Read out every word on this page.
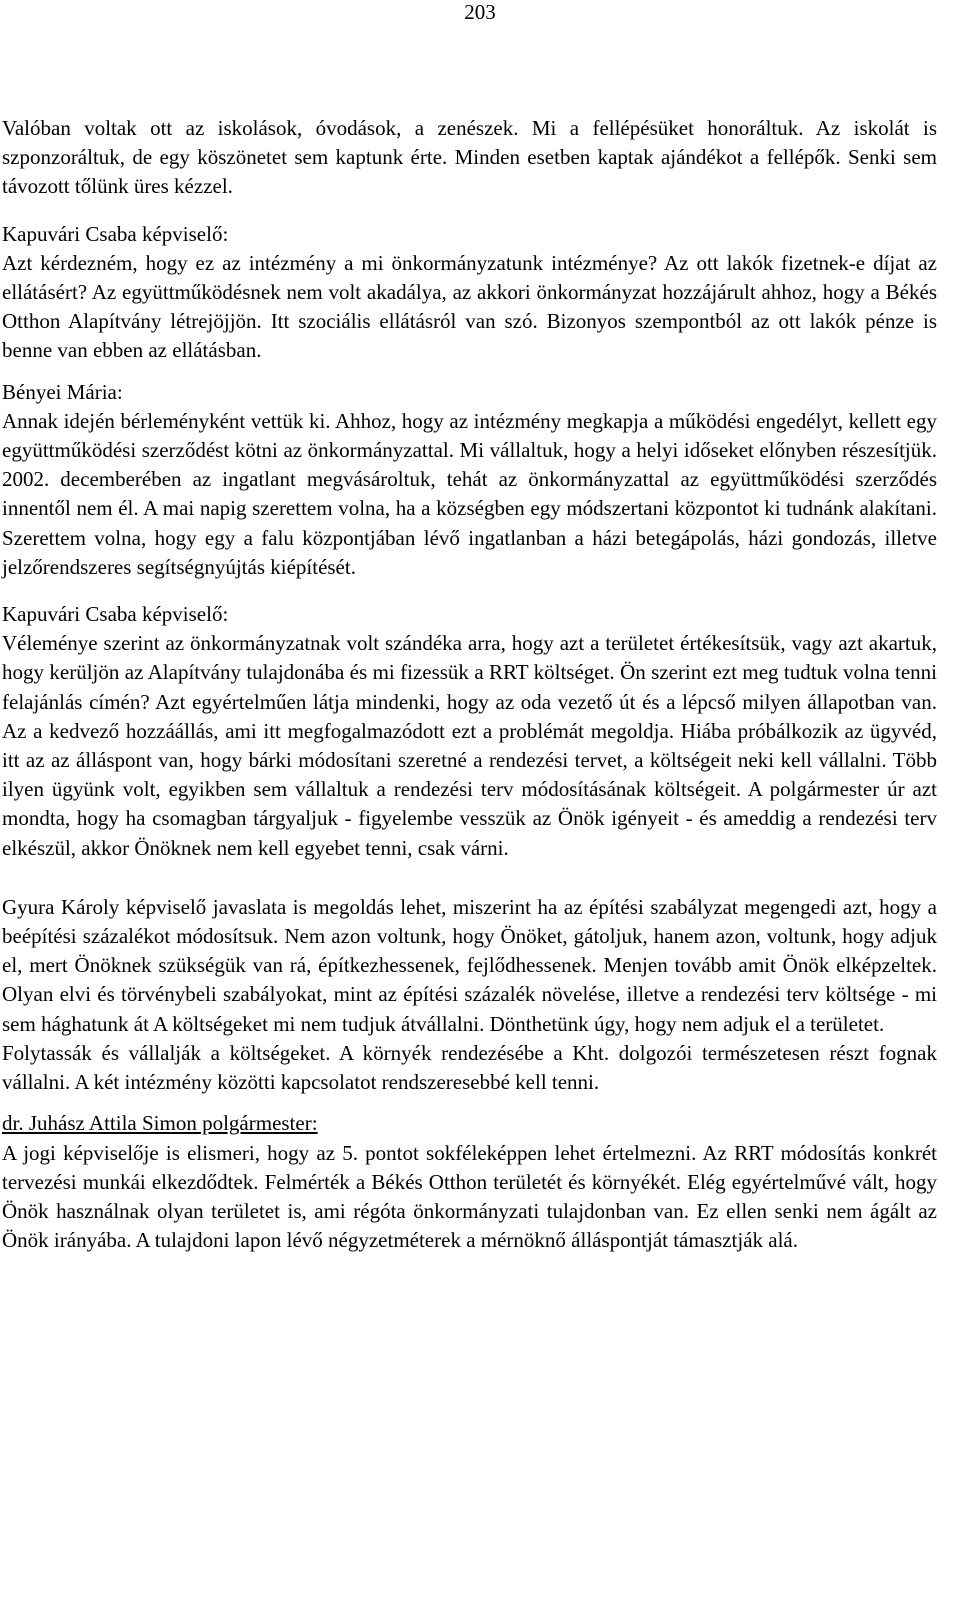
203

Valóban voltak ott az iskolások, óvodások, a zenészek. Mi a fellépésüket honoráltuk. Az iskolát is szponzoráltuk, de egy köszönetet sem kaptunk érte. Minden esetben kaptak ajándékot a fellépők. Senki sem távozott tőlünk üres kézzel.

Kapuvári Csaba képviselő:

Azt kérdezném, hogy ez az intézmény a mi önkormányzatunk intézménye? Az ott lakók fizetnek-e díjat az ellátásért? Az együttműködésnek nem volt akadálya, az akkori önkormányzat hozzájárult ahhoz, hogy a Békés Otthon Alapítvány létrejöjjön. Itt szociális ellátásról van szó. Bizonyos szempontból az ott lakók pénze is benne van ebben az ellátásban.

Bényei Mária:

Annak idején bérleményként vettük ki. Ahhoz, hogy az intézmény megkapja a működési engedélyt, kellett egy együttműködési szerződést kötni az önkormányzattal. Mi vállaltuk, hogy a helyi időseket előnyben részesítjük. 2002. decemberében az ingatlant megvásároltuk, tehát az önkormányzattal az együttműködési szerződés innentől nem él. A mai napig szerettem volna, ha a községben egy módszertani központot ki tudnánk alakítani. Szerettem volna, hogy egy a falu központjában lévő ingatlanban a házi betegápolás, házi gondozás, illetve jelzőrendszeres segítségnyújtás kiépítését.

Kapuvári Csaba képviselő:

Véleménye szerint az önkormányzatnak volt szándéka arra, hogy azt a területet értékesítsük, vagy azt akartuk, hogy kerüljön az Alapítvány tulajdonába és mi fizessük a RRT költséget. Ön szerint ezt meg tudtuk volna tenni felajánlás címén? Azt egyértelműen látja mindenki, hogy az oda vezető út és a lépcső milyen állapotban van. Az a kedvező hozzáállás, ami itt megfogalmazódott ezt a problémát megoldja. Hiába próbálkozik az ügyvéd, itt az az álláspont van, hogy bárki módosítani szeretné a rendezési tervet, a költségeit neki kell vállalni. Több ilyen ügyünk volt, egyikben sem vállaltuk a rendezési terv módosításának költségeit. A polgármester úr azt mondta, hogy ha csomagban tárgyaljuk - figyelembe vesszük az Önök igényeit - és ameddig a rendezési terv elkészül, akkor Önöknek nem kell egyebet tenni, csak várni.

Gyura Károly képviselő javaslata is megoldás lehet, miszerint ha az építési szabályzat megengedi azt, hogy a beépítési százalékot módosítsuk. Nem azon voltunk, hogy Önöket, gátoljuk, hanem azon, voltunk, hogy adjuk el, mert Önöknek szükségük van rá, építkezhessenek, fejlődhessenek. Menjen tovább amit Önök elképzeltek. Olyan elvi és törvénybeli szabályokat, mint az építési százalék növelése, illetve a rendezési terv költsége - mi sem hághatunk át A költségeket mi nem tudjuk átvállalni. Dönthetünk úgy, hogy nem adjuk el a területet.

Folytassák és vállalják a költségeket. A környék rendezésébe a Kht. dolgozói természetesen részt fognak vállalni. A két intézmény közötti kapcsolatot rendszeresebbé kell tenni.

dr. Juhász Attila Simon polgármester:

A jogi képviselője is elismeri, hogy az 5. pontot sokféleképpen lehet értelmezni. Az RRT módosítás konkrét tervezési munkái elkezdődtek. Felmérték a Békés Otthon területét és környékét. Elég egyértelművé vált, hogy Önök használnak olyan területet is, ami régóta önkormányzati tulajdonban van. Ez ellen senki nem ágált az Önök irányába. A tulajdoni lapon lévő négyzetméterek a mérnöknő álláspontját támasztják alá.
